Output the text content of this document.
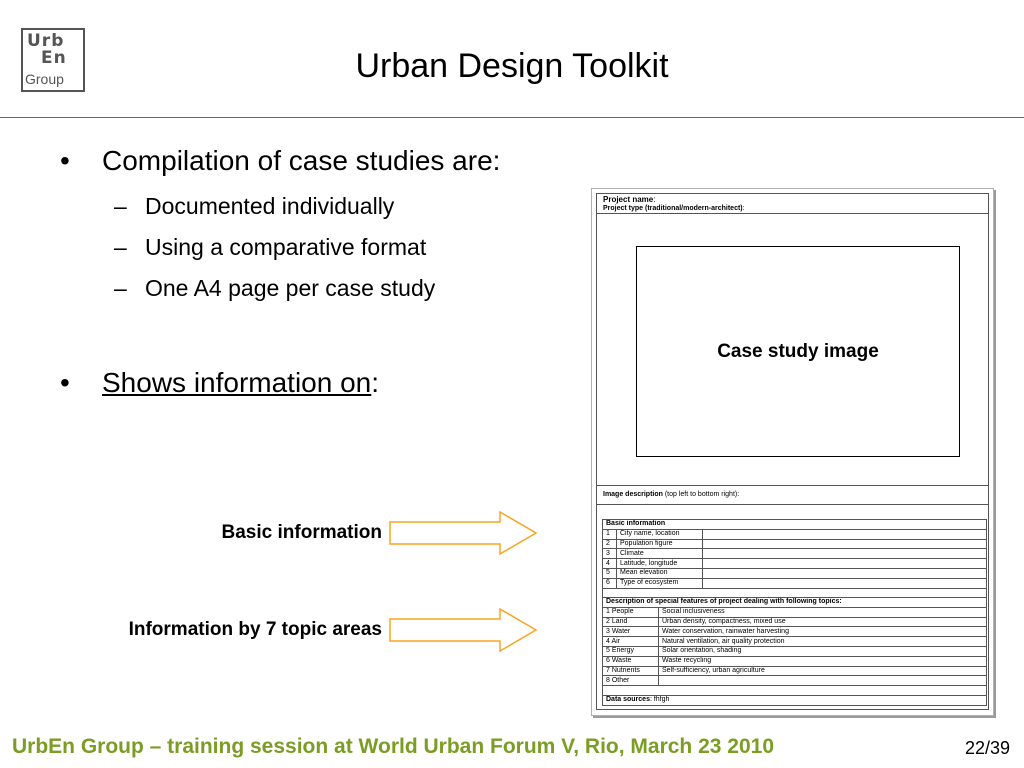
Urb
En
Group	Urban Design Toolkit
• Compilation of case studies are:
– Documented individually
– Using a comparative format
– One A4 page per case study
• Shows information on:
Basic information
Information by 7 topic areas
Project name:
Project type (traditional/modern-architect):
Case study image
Image description (top left to bottom right):
Basic information		
1	City name, location	
2	Population figure	
3	Climate	
4	Latitude, longitude	
5	Mean elevation	
6	Type of ecosystem	

Description of special features of project dealing with following topics:	
1 People	Social inclusiveness
2 Land	Urban density, compactness, mixed use
3 Water	Water conservation, rainwater harvesting
4 Air	Natural ventilation, air quality protection
5 Energy	Solar orientation, shading
6 Waste	Waste recycling
7 Nutrients	Self-sufficiency, urban agriculture
8 Other	

Data sources: fhfgh	
UrbEn Group – training session at World Urban Forum V, Rio, March 23 2010	22/39
